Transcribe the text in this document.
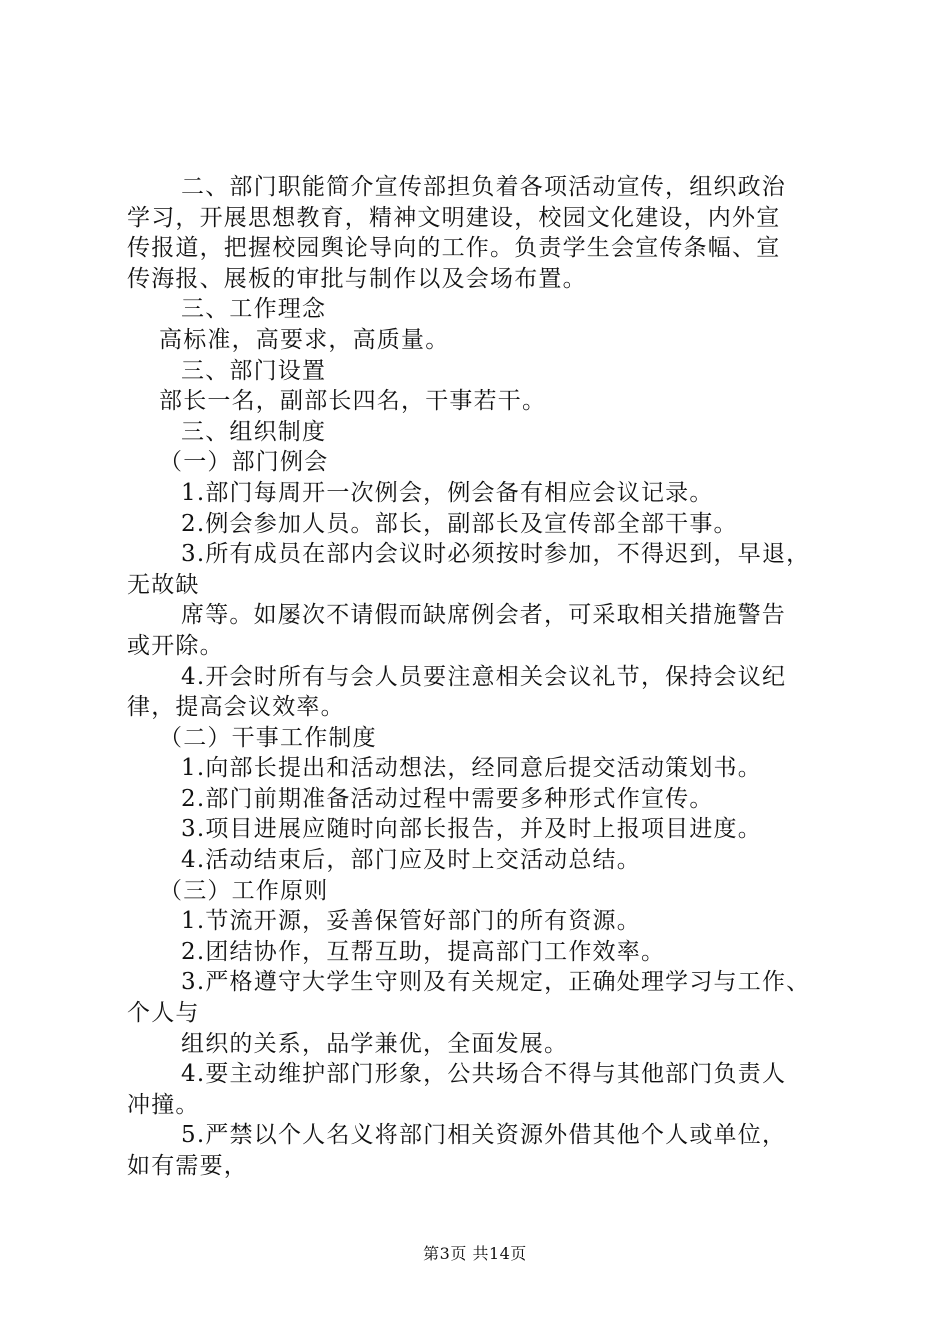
二、部门职能简介宣传部担负着各项活动宣传，组织政治
学习，开展思想教育，精神文明建设，校园文化建设，内外宣
传报道，把握校园舆论导向的工作。负责学生会宣传条幅、宣
传海报、展板的审批与制作以及会场布置。
三、工作理念
高标准，高要求，高质量。
三、部门设置
部长一名，副部长四名，干事若干。
三、组织制度
（一）部门例会
1.部门每周开一次例会，例会备有相应会议记录。
2.例会参加人员。部长，副部长及宣传部全部干事。
3.所有成员在部内会议时必须按时参加，不得迟到，早退，
无故缺
席等。如屡次不请假而缺席例会者，可采取相关措施警告
或开除。
4.开会时所有与会人员要注意相关会议礼节，保持会议纪
律，提高会议效率。
（二）干事工作制度
1.向部长提出和活动想法，经同意后提交活动策划书。
2.部门前期准备活动过程中需要多种形式作宣传。
3.项目进展应随时向部长报告，并及时上报项目进度。
4.活动结束后，部门应及时上交活动总结。
（三）工作原则
1.节流开源，妥善保管好部门的所有资源。
2.团结协作，互帮互助，提高部门工作效率。
3.严格遵守大学生守则及有关规定，正确处理学习与工作、
个人与
组织的关系，品学兼优，全面发展。
4.要主动维护部门形象，公共场合不得与其他部门负责人
冲撞。
5.严禁以个人名义将部门相关资源外借其他个人或单位，
如有需要，
第3页 共14页
